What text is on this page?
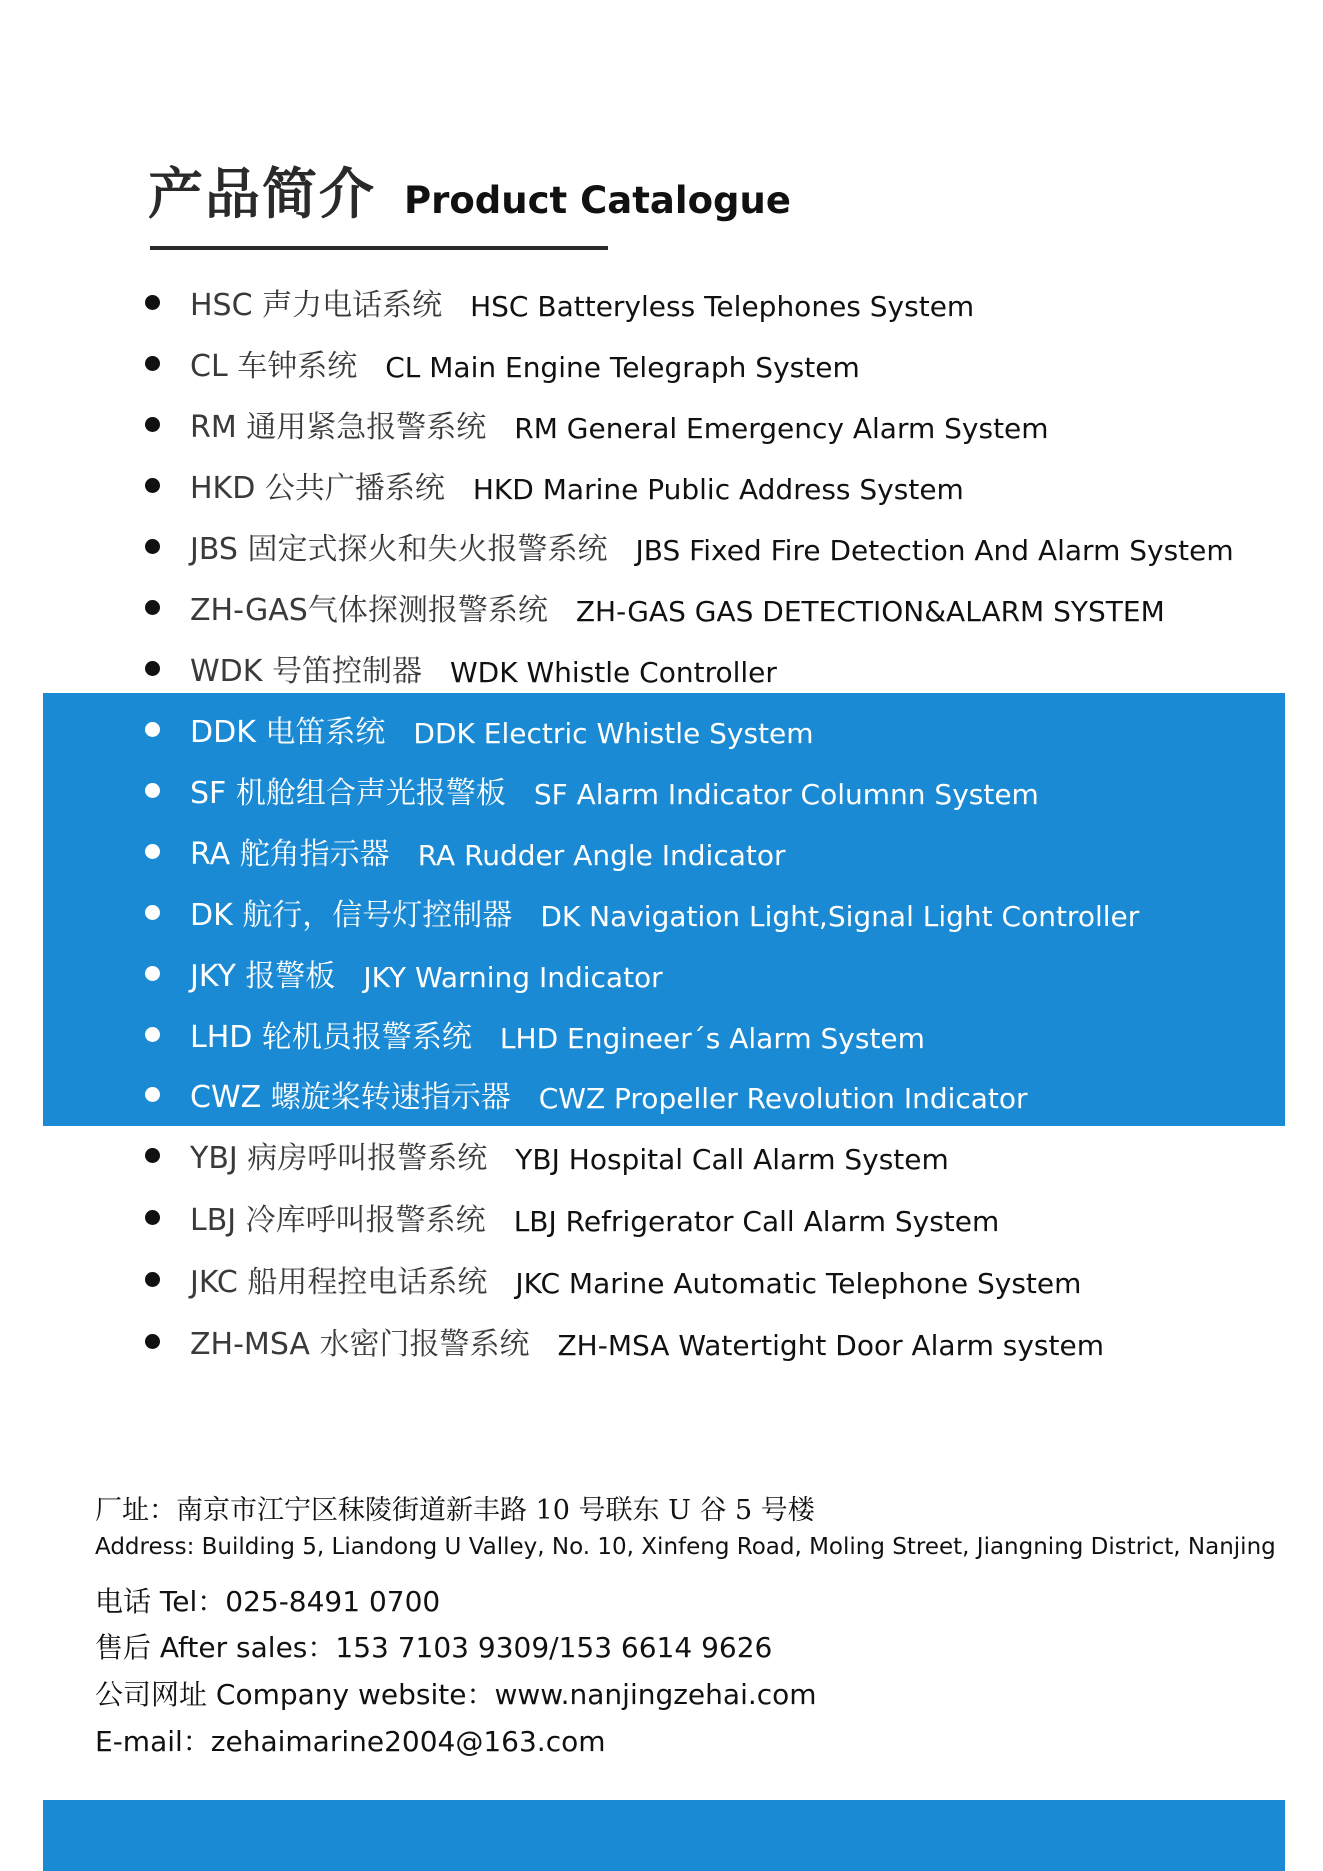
产品简介 Product Catalogue
HSC 声力电话系统 HSC Batteryless Telephones System
CL 车钟系统 CL Main Engine Telegraph System
RM 通用紧急报警系统 RM General Emergency Alarm System
HKD 公共广播系统 HKD Marine Public Address System
JBS 固定式探火和失火报警系统 JBS Fixed Fire Detection And Alarm System
ZH-GAS气体探测报警系统 ZH-GAS GAS DETECTION&ALARM SYSTEM
WDK 号笛控制器 WDK Whistle Controller
DDK 电笛系统 DDK Electric Whistle System
SF 机舱组合声光报警板 SF Alarm Indicator Columnn System
RA 舵角指示器 RA Rudder Angle Indicator
DK 航行，信号灯控制器 DK Navigation Light,Signal Light Controller
JKY 报警板 JKY Warning Indicator
LHD 轮机员报警系统 LHD Engineer´s Alarm System
CWZ 螺旋桨转速指示器 CWZ Propeller Revolution Indicator
YBJ 病房呼叫报警系统 YBJ Hospital Call Alarm System
LBJ 冷库呼叫报警系统 LBJ Refrigerator Call Alarm System
JKC 船用程控电话系统 JKC Marine Automatic Telephone System
ZH-MSA 水密门报警系统 ZH-MSA Watertight Door Alarm system
厂址：南京市江宁区秣陵街道新丰路 10 号联东 U 谷 5 号楼
Address: Building 5, Liandong U Valley, No. 10, Xinfeng Road, Moling Street, Jiangning District, Nanjing
电话 Tel：025-8491 0700
售后 After sales：153 7103 9309/153 6614 9626
公司网址 Company website：www.nanjingzehai.com
E-mail：zehaimarine2004@163.com
